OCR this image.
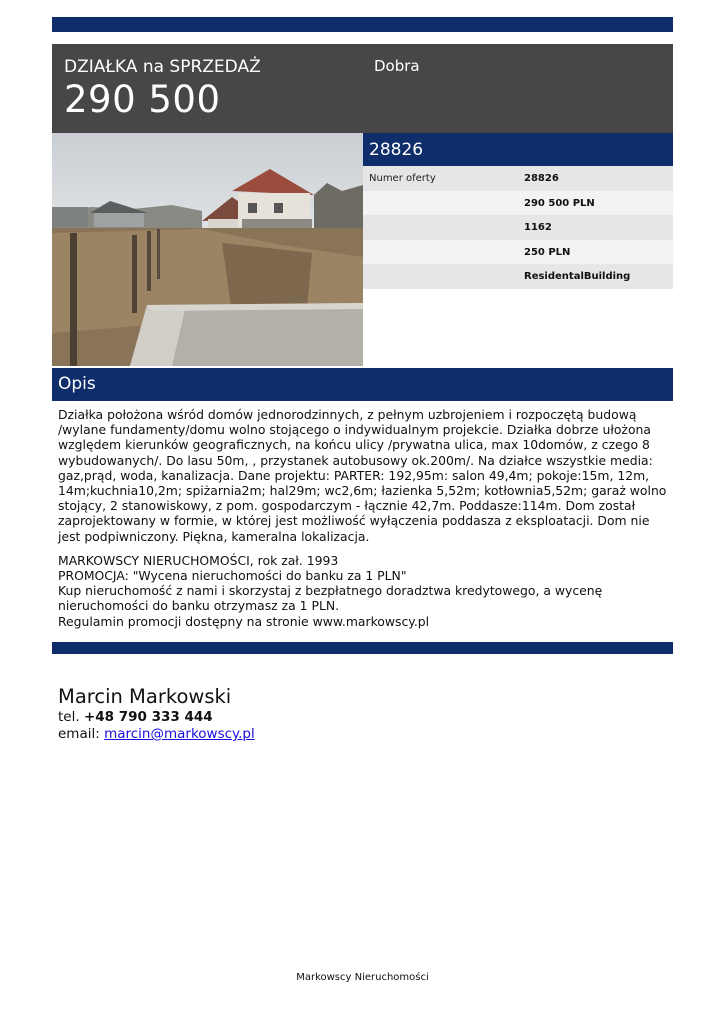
DZIAŁKA na SPRZEDAŻ
290 500
Dobra
28826
Numer oferty	28826
290 500 PLN
1162
250 PLN
ResidentalBuilding
Opis

Działka położona wśród domów jednorodzinnych, z pełnym uzbrojeniem i rozpoczętą budową /wylane fundamenty/domu wolno stojącego o indywidualnym projekcie. Działka dobrze ułożona względem kierunków geograficznych, na końcu ulicy /prywatna ulica, max 10domów, z czego 8 wybudowanych/. Do lasu 50m, , przystanek autobusowy ok.200m/. Na działce wszystkie media: gaz,prąd, woda, kanalizacja. Dane projektu: PARTER: 192,95m: salon 49,4m; pokoje:15m, 12m, 14m;kuchnia10,2m; spiżarnia2m; hal29m; wc2,6m; łazienka 5,52m; kotłownia5,52m; garaż wolno stojący, 2 stanowiskowy, z pom. gospodarczym - łącznie 42,7m. Poddasze:114m. Dom został zaprojektowany w formie, w której jest możliwość wyłączenia poddasza z eksploatacji. Dom nie jest podpiwniczony. Piękna, kameralna lokalizacja.

MARKOWSCY NIERUCHOMOŚCI, rok zał. 1993
PROMOCJA: "Wycena nieruchomości do banku za 1 PLN"
Kup nieruchomość z nami i skorzystaj z bezpłatnego doradztwa kredytowego, a wycenę nieruchomości do banku otrzymasz za 1 PLN.
Regulamin promocji dostępny na stronie www.markowscy.pl
Marcin Markowski
tel. +48 790 333 444
email: marcin@markowscy.pl
Markowscy Nieruchomości
